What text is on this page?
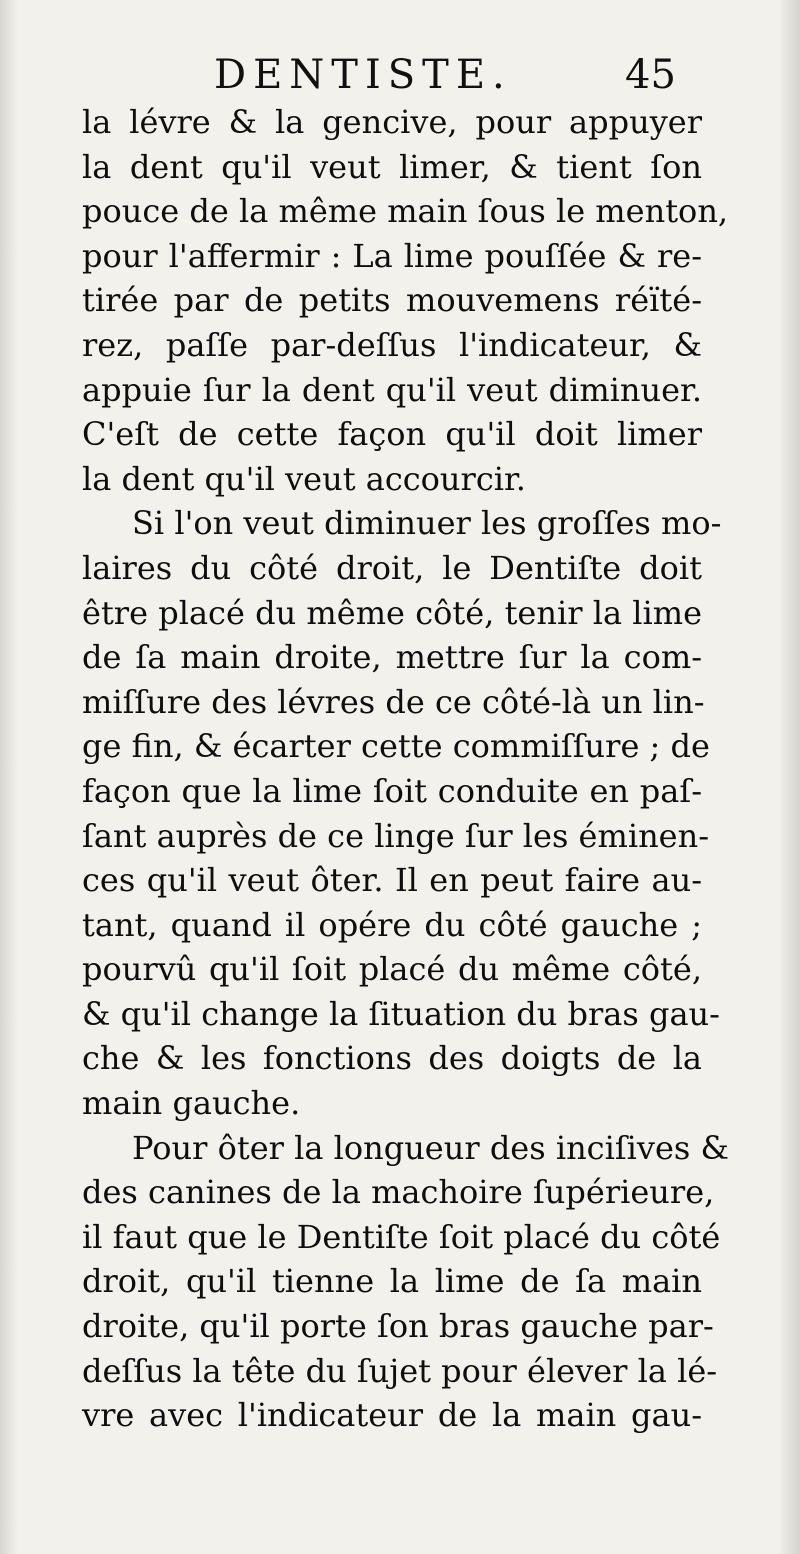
DENTISTE.	45
la lévre & la gencive, pour appuyer
la dent qu'il veut limer, & tient ſon
pouce de la même main ſous le menton,
pour l'affermir : La lime pouſſée & re-
tirée par de petits mouvemens réïté-
rez, paſſe par-deſſus l'indicateur, &
appuie ſur la dent qu'il veut diminuer.
C'eſt de cette façon qu'il doit limer
la dent qu'il veut accourcir.
Si l'on veut diminuer les groſſes mo-
laires du côté droit, le Dentiſte doit
être placé du même côté, tenir la lime
de ſa main droite, mettre ſur la com-
miſſure des lévres de ce côté-là un lin-
ge fin, & écarter cette commiſſure ; de
façon que la lime ſoit conduite en paſ-
ſant auprès de ce linge ſur les éminen-
ces qu'il veut ôter. Il en peut faire au-
tant, quand il opére du côté gauche ;
pourvû qu'il ſoit placé du même côté,
& qu'il change la ſituation du bras gau-
che & les fonctions des doigts de la
main gauche.
Pour ôter la longueur des inciſives &
des canines de la machoire ſupérieure,
il faut que le Dentiſte ſoit placé du côté
droit, qu'il tienne la lime de ſa main
droite, qu'il porte ſon bras gauche par-
deſſus la tête du ſujet pour élever la lé-
vre avec l'indicateur de la main gau-
